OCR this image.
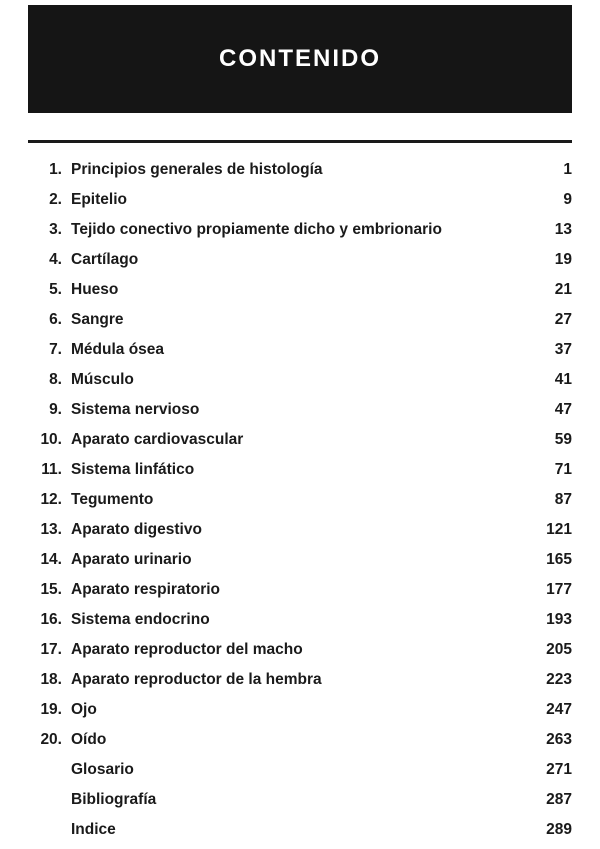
CONTENIDO
1. Principios generales de histología	1
2. Epitelio	9
3. Tejido conectivo propiamente dicho y embrionario	13
4. Cartílago	19
5. Hueso	21
6. Sangre	27
7. Médula ósea	37
8. Músculo	41
9. Sistema nervioso	47
10. Aparato cardiovascular	59
11. Sistema linfático	71
12. Tegumento	87
13. Aparato digestivo	121
14. Aparato urinario	165
15. Aparato respiratorio	177
16. Sistema endocrino	193
17. Aparato reproductor del macho	205
18. Aparato reproductor de la hembra	223
19. Ojo	247
20. Oído	263
Glosario	271
Bibliografía	287
Indice	289
